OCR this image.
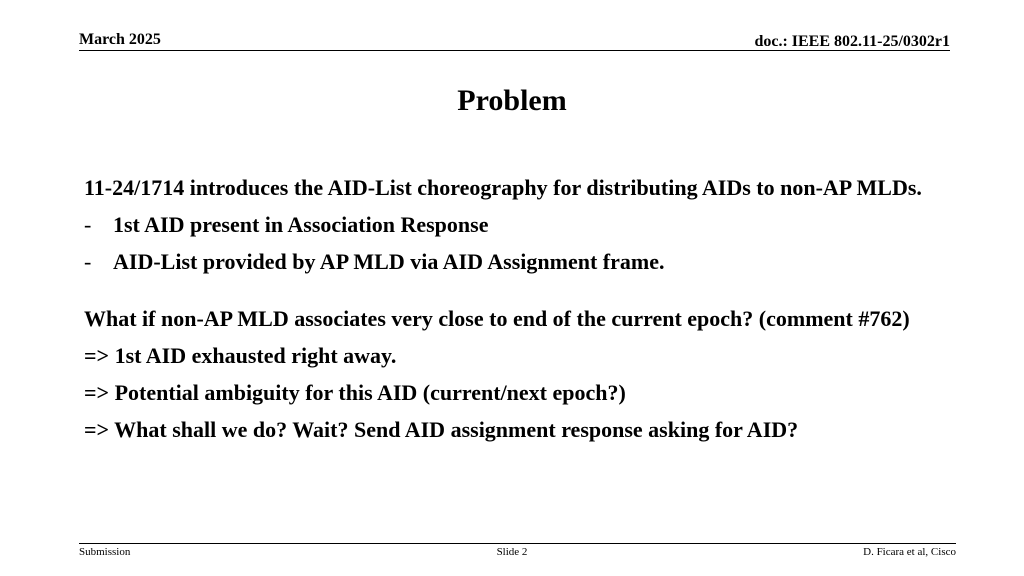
March 2025	doc.: IEEE 802.11-25/0302r1
Problem

11-24/1714 introduces the AID-List choreography for distributing AIDs to non-AP MLDs.

- 1st AID present in Association Response
- AID-List provided by AP MLD via AID Assignment frame.

What if non-AP MLD associates very close to end of the current epoch? (comment #762)

=> 1st AID exhausted right away.
=> Potential ambiguity for this AID (current/next epoch?)
=> What shall we do? Wait? Send AID assignment response asking for AID?
Submission	Slide 2	D. Ficara et al, Cisco
